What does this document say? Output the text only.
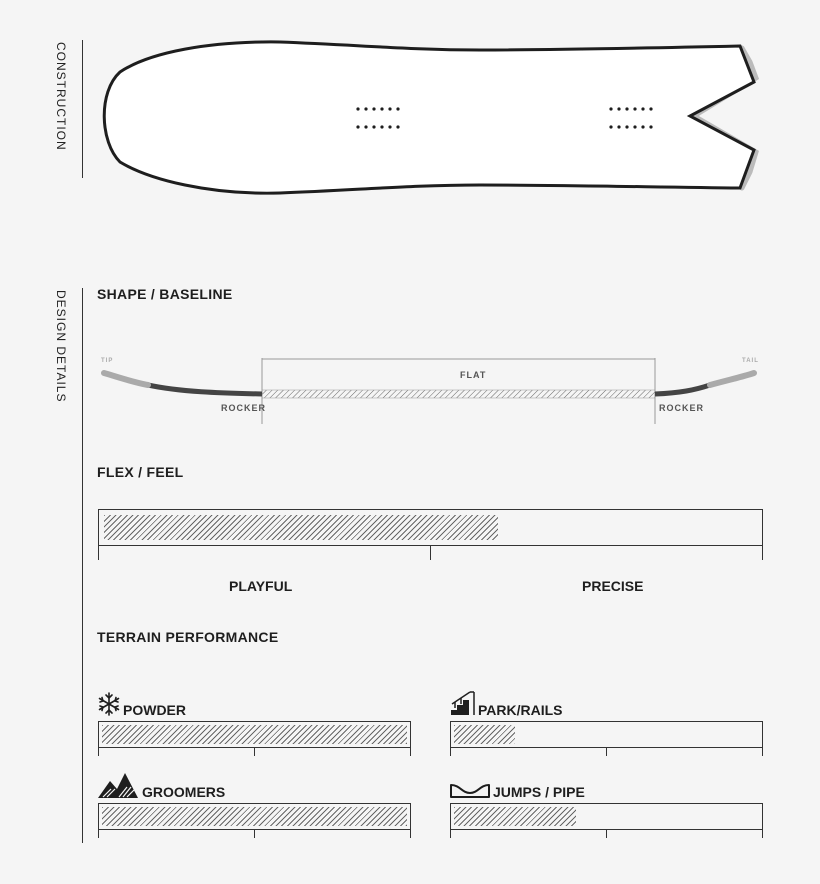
CONSTRUCTION
DESIGN DETAILS SHAPE / BASELINE
TIP	TAIL
FLAT
ROCKER	ROCKER
FLEX / FEEL
PLAYFUL	PRECISE
TERRAIN PERFORMANCE
POWDER	PARK/RAILS
GROOMERS	JUMPS / PIPE
